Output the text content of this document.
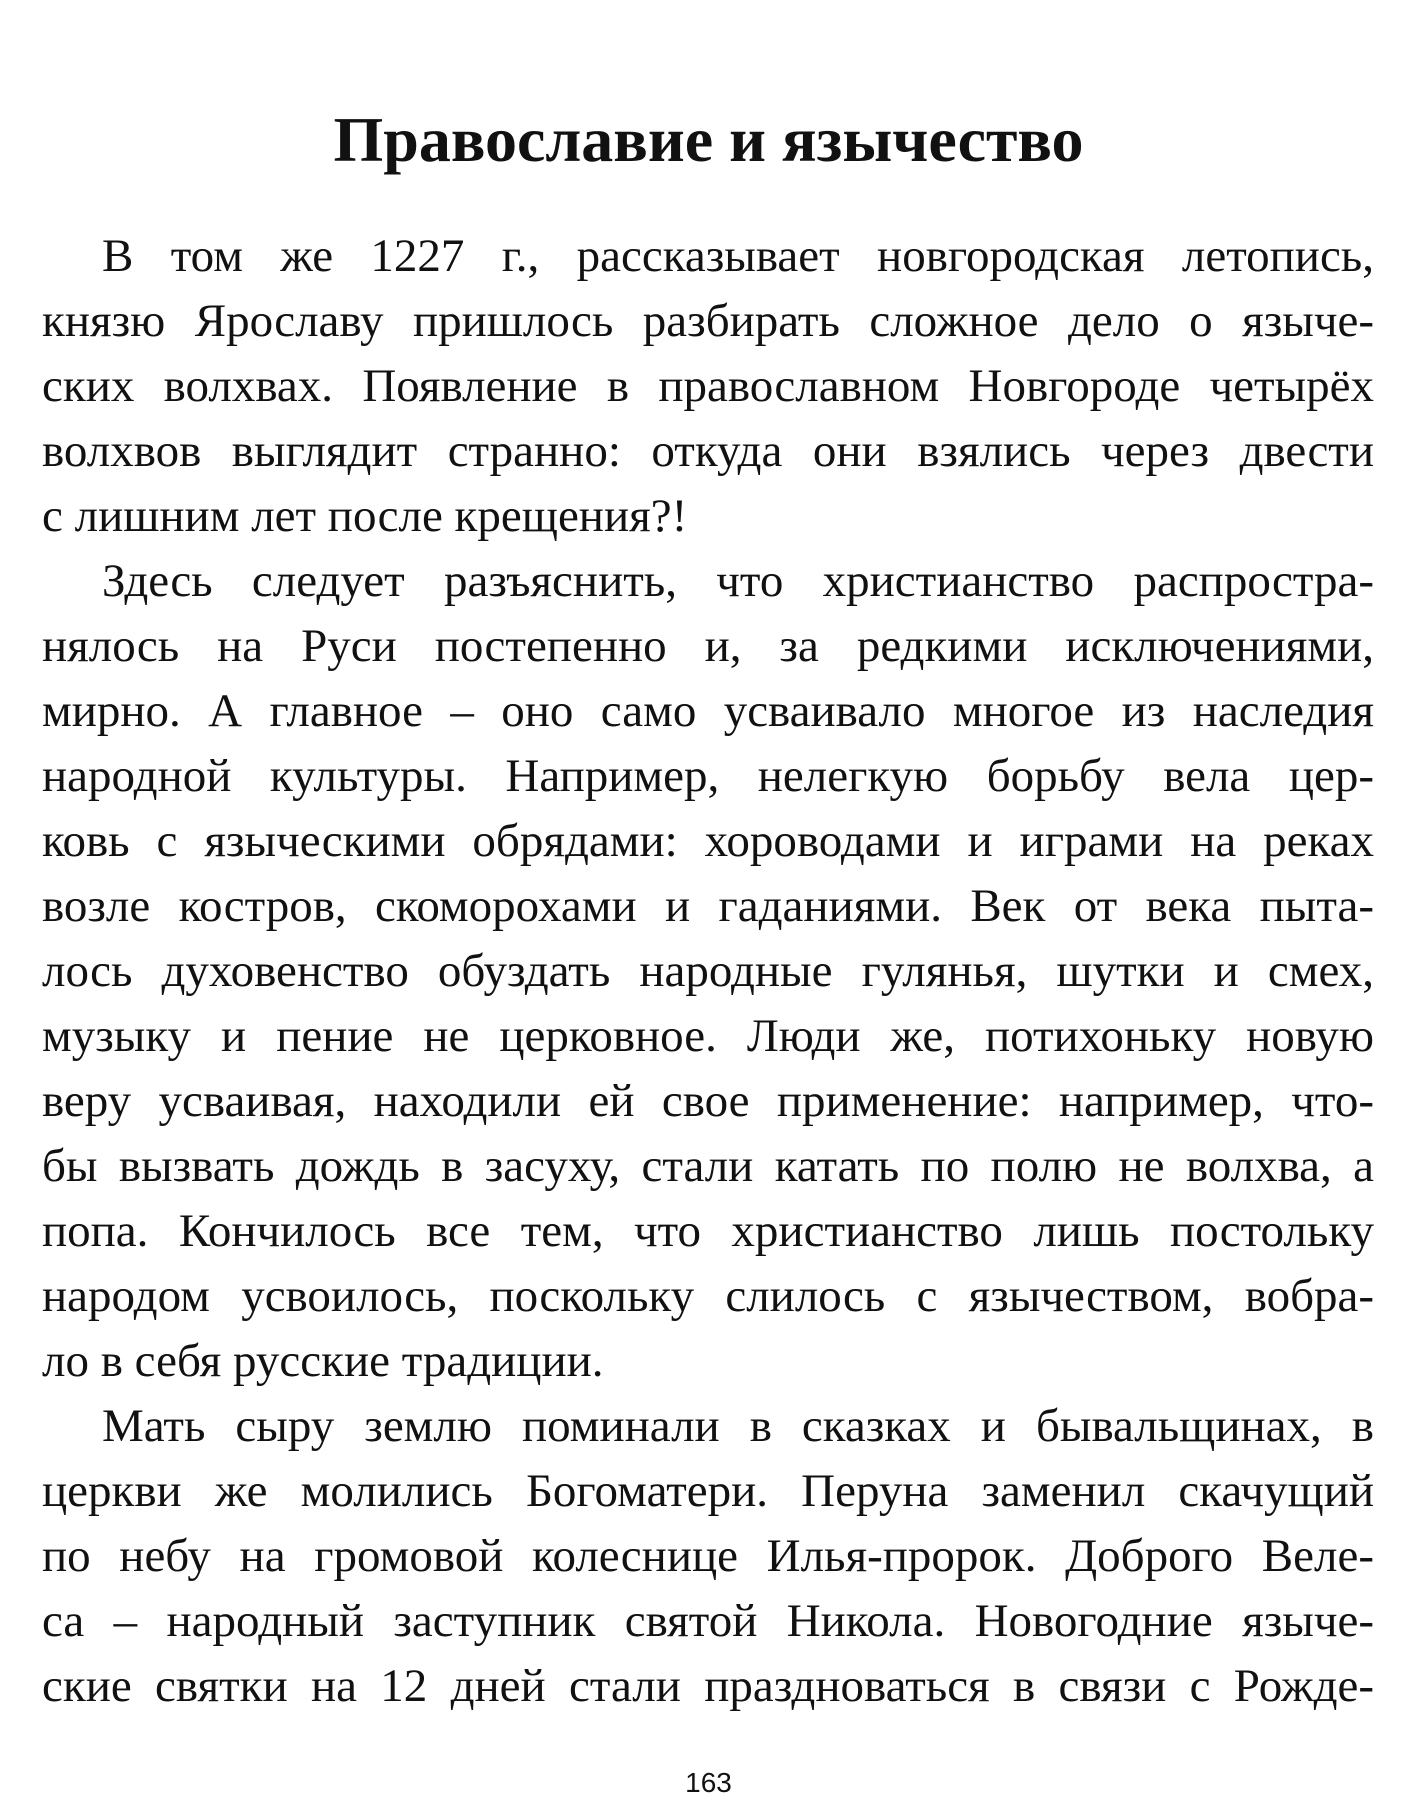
Православие и язычество

В том же 1227 г., рассказывает новгородская летопись,
князю Ярославу пришлось разбирать сложное дело о языче-
ских волхвах. Появление в православном Новгороде четырёх
волхвов выглядит странно: откуда они взялись через двести
с лишним лет после крещения?!

Здесь следует разъяснить, что христианство распростра-
нялось на Руси постепенно и, за редкими исключениями,
мирно. А главное – оно само усваивало многое из наследия
народной культуры. Например, нелегкую борьбу вела цер-
ковь с языческими обрядами: хороводами и играми на реках
возле костров, скоморохами и гаданиями. Век от века пыта-
лось духовенство обуздать народные гулянья, шутки и смех,
музыку и пение не церковное. Люди же, потихоньку новую
веру усваивая, находили ей свое применение: например, что-
бы вызвать дождь в засуху, стали катать по полю не волхва, а
попа. Кончилось все тем, что христианство лишь постольку
народом усвоилось, поскольку слилось с язычеством, вобра-
ло в себя русские традиции.

Мать сыру землю поминали в сказках и бывальщинах, в
церкви же молились Богоматери. Перуна заменил скачущий
по небу на громовой колеснице Илья-пророк. Доброго Веле-
са – народный заступник святой Никола. Новогодние языче-
ские святки на 12 дней стали праздноваться в связи с Рожде-

163
